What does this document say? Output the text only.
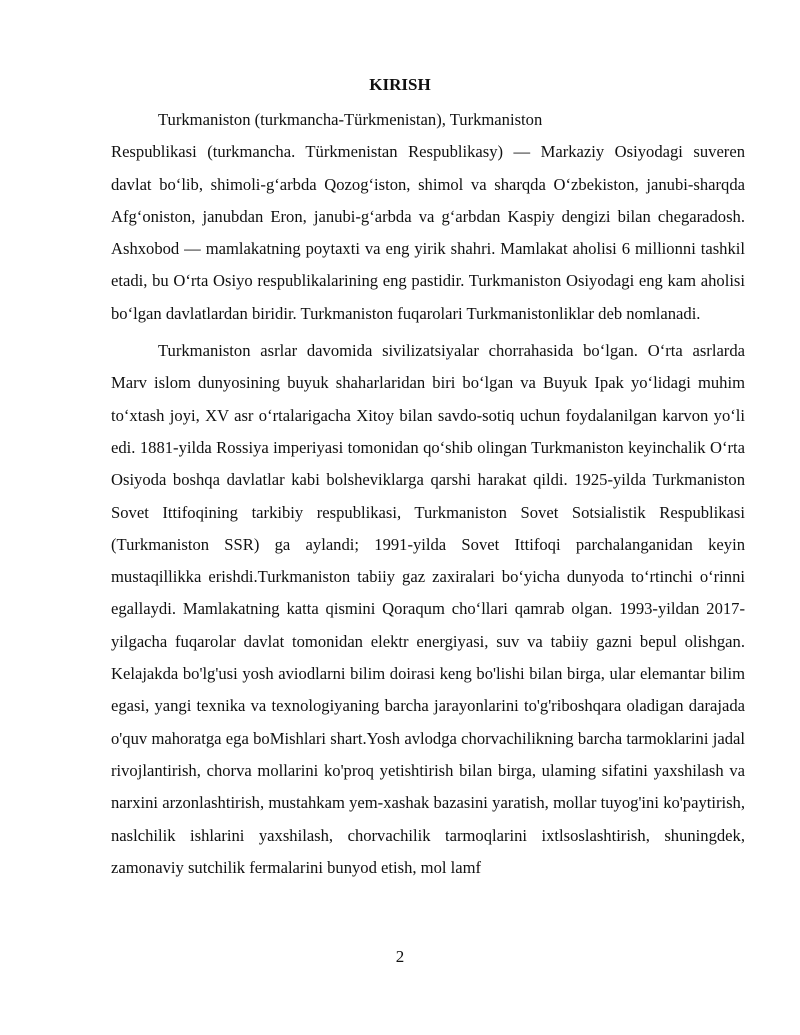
KIRISH

Turkmaniston (turkmancha-Türkmenistan), Turkmaniston

Respublikasi (turkmancha. Türkmenistan Respublikasy) — Markaziy Osiyodagi suveren davlat boʻlib, shimoli-gʻarbda Qozogʻiston, shimol va sharqda Oʻzbekiston, janubi-sharqda Afgʻoniston, janubdan Eron, janubi-gʻarbda va gʻarbdan Kaspiy dengizi bilan chegaradosh. Ashxobod — mamlakatning poytaxti va eng yirik shahri. Mamlakat aholisi 6 millionni tashkil etadi, bu Oʻrta Osiyo respublikalarining eng pastidir. Turkmaniston Osiyodagi eng kam aholisi boʻlgan davlatlardan biridir. Turkmaniston fuqarolari Turkmanistonliklar deb nomlanadi.

Turkmaniston asrlar davomida sivilizatsiyalar chorrahasida boʻlgan. Oʻrta asrlarda Marv islom dunyosining buyuk shaharlaridan biri boʻlgan va Buyuk Ipak yoʻlidagi muhim toʻxtash joyi, XV asr oʻrtalarigacha Xitoy bilan savdo-sotiq uchun foydalanilgan karvon yoʻli edi. 1881-yilda Rossiya imperiyasi tomonidan qoʻshib olingan Turkmaniston keyinchalik Oʻrta Osiyoda boshqa davlatlar kabi bolsheviklarga qarshi harakat qildi. 1925-yilda Turkmaniston Sovet Ittifoqining tarkibiy respublikasi, Turkmaniston Sovet Sotsialistik Respublikasi (Turkmaniston SSR) ga aylandi; 1991-yilda Sovet Ittifoqi parchalanganidan keyin mustaqillikka erishdi.Turkmaniston tabiiy gaz zaxiralari boʻyicha dunyoda toʻrtinchi oʻrinni egallaydi. Mamlakatning katta qismini Qoraqum choʻllari qamrab olgan. 1993-yildan 2017-yilgacha fuqarolar davlat tomonidan elektr energiyasi, suv va tabiiy gazni bepul olishgan. Kelajakda bo'lg'usi yosh aviodlarni bilim doirasi keng bo'lishi bilan birga, ular elemantar bilim egasi, yangi texnika va texnologiyaning barcha jarayonlarini to'g'riboshqara oladigan darajada o'quv mahoratga ega boMishlari shart.Yosh avlodga chorvachilikning barcha tarmoklarini jadal rivojlantirish, chorva mollarini ko'proq yetishtirish bilan birga, ulaming sifatini yaxshilash va narxini arzonlashtirish, mustahkam yem-xashak bazasini yaratish, mollar tuyog'ini ko'paytirish, naslchilik ishlarini yaxshilash, chorvachilik tarmoqlarini ixtlsoslashtirish, shuningdek, zamonaviy sutchilik fermalarini bunyod etish, mol lamf

2
